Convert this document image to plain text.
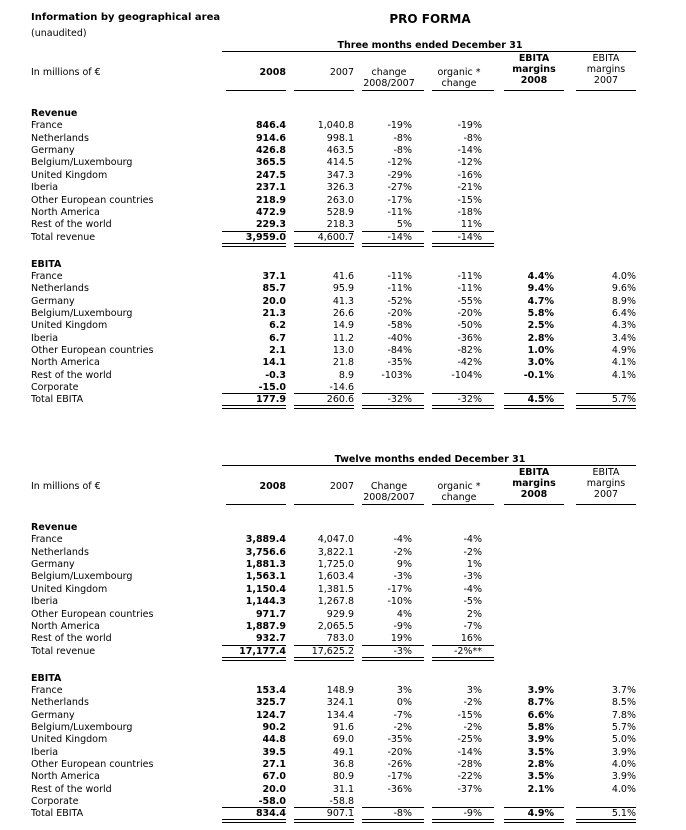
Information by geographical area
(unaudited)
PRO FORMA
Three months ended December 31
EBITA
margins
2008
EBITA
margins
2007
In millions of €	2008	2007	change
2008/2007
organic *
change
Revenue
France	846.4	1,040.8	-19%	-19%
Netherlands	914.6	998.1	-8%	-8%
Germany	426.8	463.5	-8%	-14%
Belgium/Luxembourg	365.5	414.5	-12%	-12%
United Kingdom	247.5	347.3	-29%	-16%
Iberia	237.1	326.3	-27%	-21%
Other European countries	218.9	263.0	-17%	-15%
North America	472.9	528.9	-11%	-18%
Rest of the world	229.3	218.3	5%	11%
Total revenue	3,959.0	4,600.7	-14%	-14%
EBITA
France	37.1	41.6	-11%	-11%	4.4%	4.0%
Netherlands	85.7	95.9	-11%	-11%	9.4%	9.6%
Germany	20.0	41.3	-52%	-55%	4.7%	8.9%
Belgium/Luxembourg	21.3	26.6	-20%	-20%	5.8%	6.4%
United Kingdom	6.2	14.9	-58%	-50%	2.5%	4.3%
Iberia	6.7	11.2	-40%	-36%	2.8%	3.4%
Other European countries	2.1	13.0	-84%	-82%	1.0%	4.9%
North America	14.1	21.8	-35%	-42%	3.0%	4.1%
Rest of the world	-0.3	8.9	-103%	-104%	-0.1%	4.1%
Corporate	-15.0	-14.6
Total EBITA	177.9	260.6	-32%	-32%	4.5%	5.7%
Twelve months ended December 31
EBITA
margins
2008
EBITA
margins
2007
In millions of €	2008	2007	Change
2008/2007
organic *
change
Revenue
France	3,889.4	4,047.0	-4%	-4%
Netherlands	3,756.6	3,822.1	-2%	-2%
Germany	1,881.3	1,725.0	9%	1%
Belgium/Luxembourg	1,563.1	1,603.4	-3%	-3%
United Kingdom	1,150.4	1,381.5	-17%	-4%
Iberia	1,144.3	1,267.8	-10%	-5%
Other European countries	971.7	929.9	4%	2%
North America	1,887.9	2,065.5	-9%	-7%
Rest of the world	932.7	783.0	19%	16%
Total revenue	17,177.4	17,625.2	-3%	-2%**
EBITA
France	153.4	148.9	3%	3%	3.9%	3.7%
Netherlands	325.7	324.1	0%	-2%	8.7%	8.5%
Germany	124.7	134.4	-7%	-15%	6.6%	7.8%
Belgium/Luxembourg	90.2	91.6	-2%	-2%	5.8%	5.7%
United Kingdom	44.8	69.0	-35%	-25%	3.9%	5.0%
Iberia	39.5	49.1	-20%	-14%	3.5%	3.9%
Other European countries	27.1	36.8	-26%	-28%	2.8%	4.0%
North America	67.0	80.9	-17%	-22%	3.5%	3.9%
Rest of the world	20.0	31.1	-36%	-37%	2.1%	4.0%
Corporate	-58.0	-58.8
Total EBITA	834.4	907.1	-8%	-9%	4.9%	5.1%
